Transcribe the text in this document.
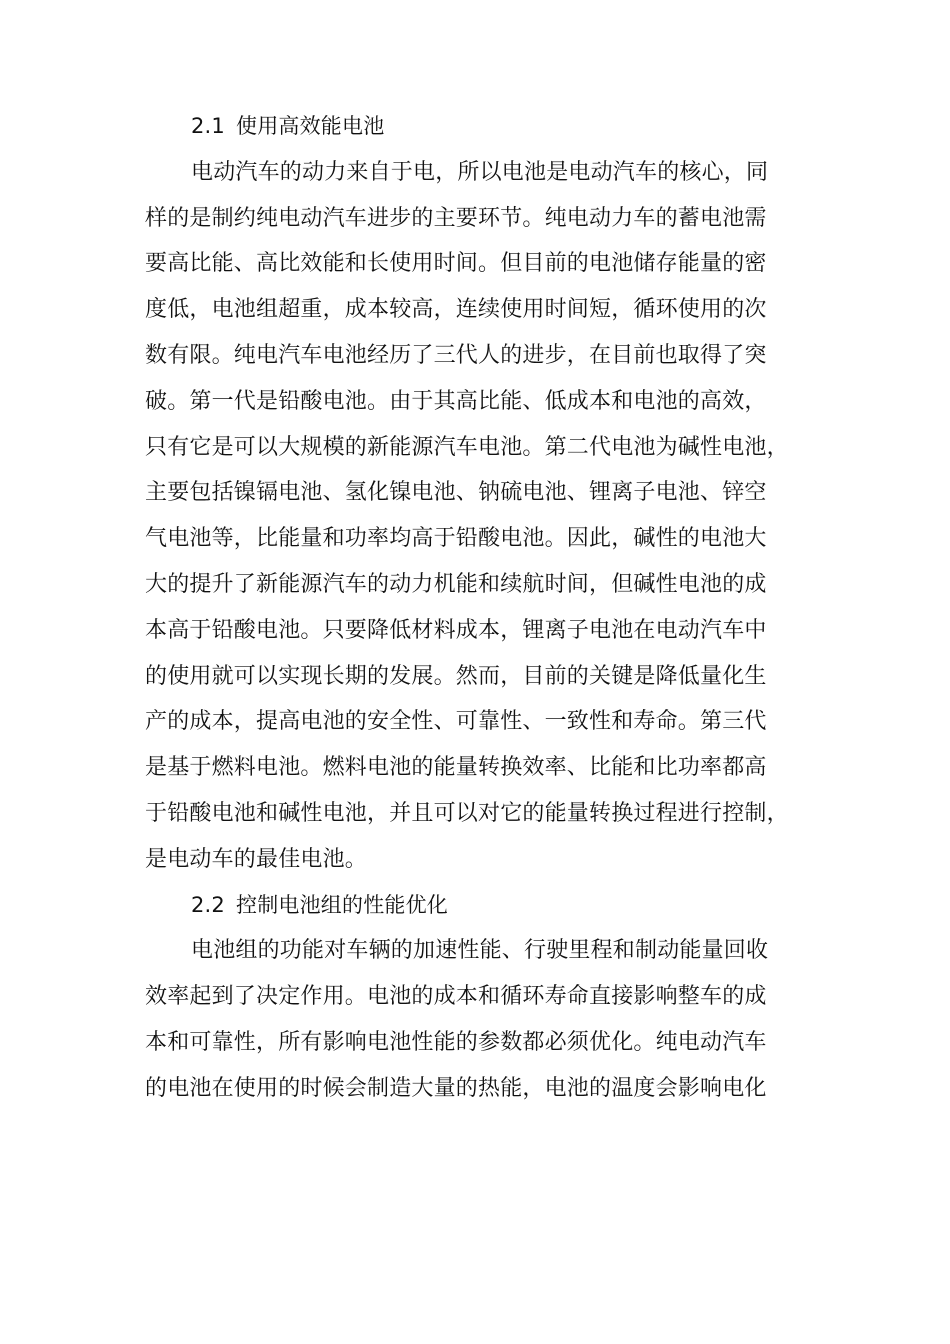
2.1 使用高效能电池
电动汽车的动力来自于电，所以电池是电动汽车的核心，同
样的是制约纯电动汽车进步的主要环节。纯电动力车的蓄电池需
要高比能、高比效能和长使用时间。但目前的电池储存能量的密
度低，电池组超重，成本较高，连续使用时间短，循环使用的次
数有限。纯电汽车电池经历了三代人的进步，在目前也取得了突
破。第一代是铅酸电池。由于其高比能、低成本和电池的高效，
只有它是可以大规模的新能源汽车电池。第二代电池为碱性电池，
主要包括镍镉电池、氢化镍电池、钠硫电池、锂离子电池、锌空
气电池等，比能量和功率均高于铅酸电池。因此，碱性的电池大
大的提升了新能源汽车的动力机能和续航时间，但碱性电池的成
本高于铅酸电池。只要降低材料成本，锂离子电池在电动汽车中
的使用就可以实现长期的发展。然而，目前的关键是降低量化生
产的成本，提高电池的安全性、可靠性、一致性和寿命。第三代
是基于燃料电池。燃料电池的能量转换效率、比能和比功率都高
于铅酸电池和碱性电池，并且可以对它的能量转换过程进行控制，
是电动车的最佳电池。
2.2 控制电池组的性能优化
电池组的功能对车辆的加速性能、行驶里程和制动能量回收
效率起到了决定作用。电池的成本和循环寿命直接影响整车的成
本和可靠性，所有影响电池性能的参数都必须优化。纯电动汽车
的电池在使用的时候会制造大量的热能，电池的温度会影响电化
